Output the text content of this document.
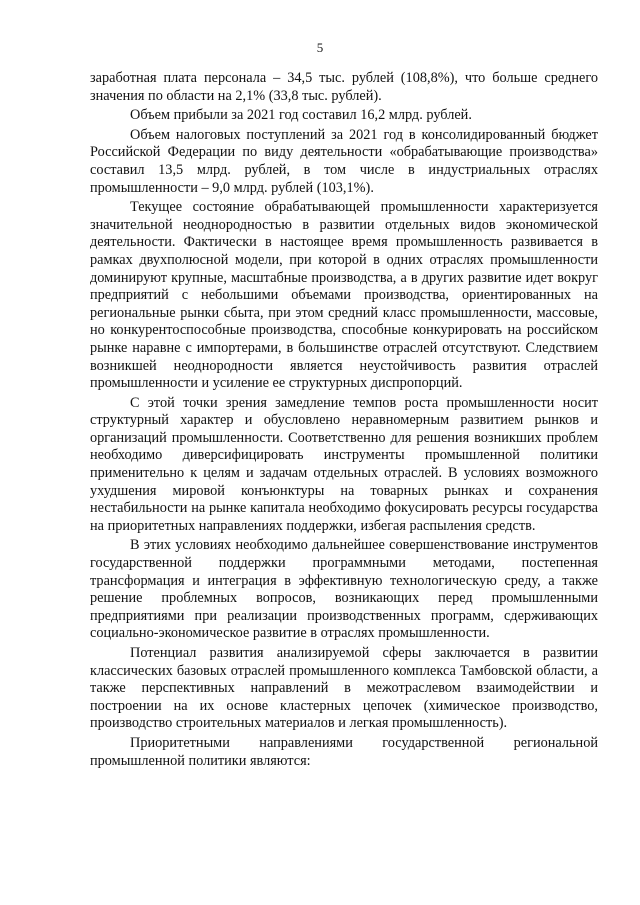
5

заработная плата персонала – 34,5 тыс. рублей (108,8%), что больше среднего значения по области на 2,1% (33,8 тыс. рублей).

Объем прибыли за 2021 год составил 16,2 млрд. рублей.

Объем налоговых поступлений за 2021 год в консолидированный бюджет Российской Федерации по виду деятельности «обрабатывающие производства» составил 13,5 млрд. рублей, в том числе в индустриальных отраслях промышленности – 9,0 млрд. рублей (103,1%).

Текущее состояние обрабатывающей промышленности характеризуется значительной неоднородностью в развитии отдельных видов экономической деятельности. Фактически в настоящее время промышленность развивается в рамках двухполюсной модели, при которой в одних отраслях промышленности доминируют крупные, масштабные производства, а в других развитие идет вокруг предприятий с небольшими объемами производства, ориентированных на региональные рынки сбыта, при этом средний класс промышленности, массовые, но конкурентоспособные производства, способные конкурировать на российском рынке наравне с импортерами, в большинстве отраслей отсутствуют. Следствием возникшей неоднородности является неустойчивость развития отраслей промышленности и усиление ее структурных диспропорций.

С этой точки зрения замедление темпов роста промышленности носит структурный характер и обусловлено неравномерным развитием рынков и организаций промышленности. Соответственно для решения возникших проблем необходимо диверсифицировать инструменты промышленной политики применительно к целям и задачам отдельных отраслей. В условиях возможного ухудшения мировой конъюнктуры на товарных рынках и сохранения нестабильности на рынке капитала необходимо фокусировать ресурсы государства на приоритетных направлениях поддержки, избегая распыления средств.

В этих условиях необходимо дальнейшее совершенствование инструментов государственной поддержки программными методами, постепенная трансформация и интеграция в эффективную технологическую среду, а также решение проблемных вопросов, возникающих перед промышленными предприятиями при реализации производственных программ, сдерживающих социально-экономическое развитие в отраслях промышленности.

Потенциал развития анализируемой сферы заключается в развитии классических базовых отраслей промышленного комплекса Тамбовской области, а также перспективных направлений в межотраслевом взаимодействии и построении на их основе кластерных цепочек (химическое производство, производство строительных материалов и легкая промышленность).

Приоритетными направлениями государственной региональной промышленной политики являются:
